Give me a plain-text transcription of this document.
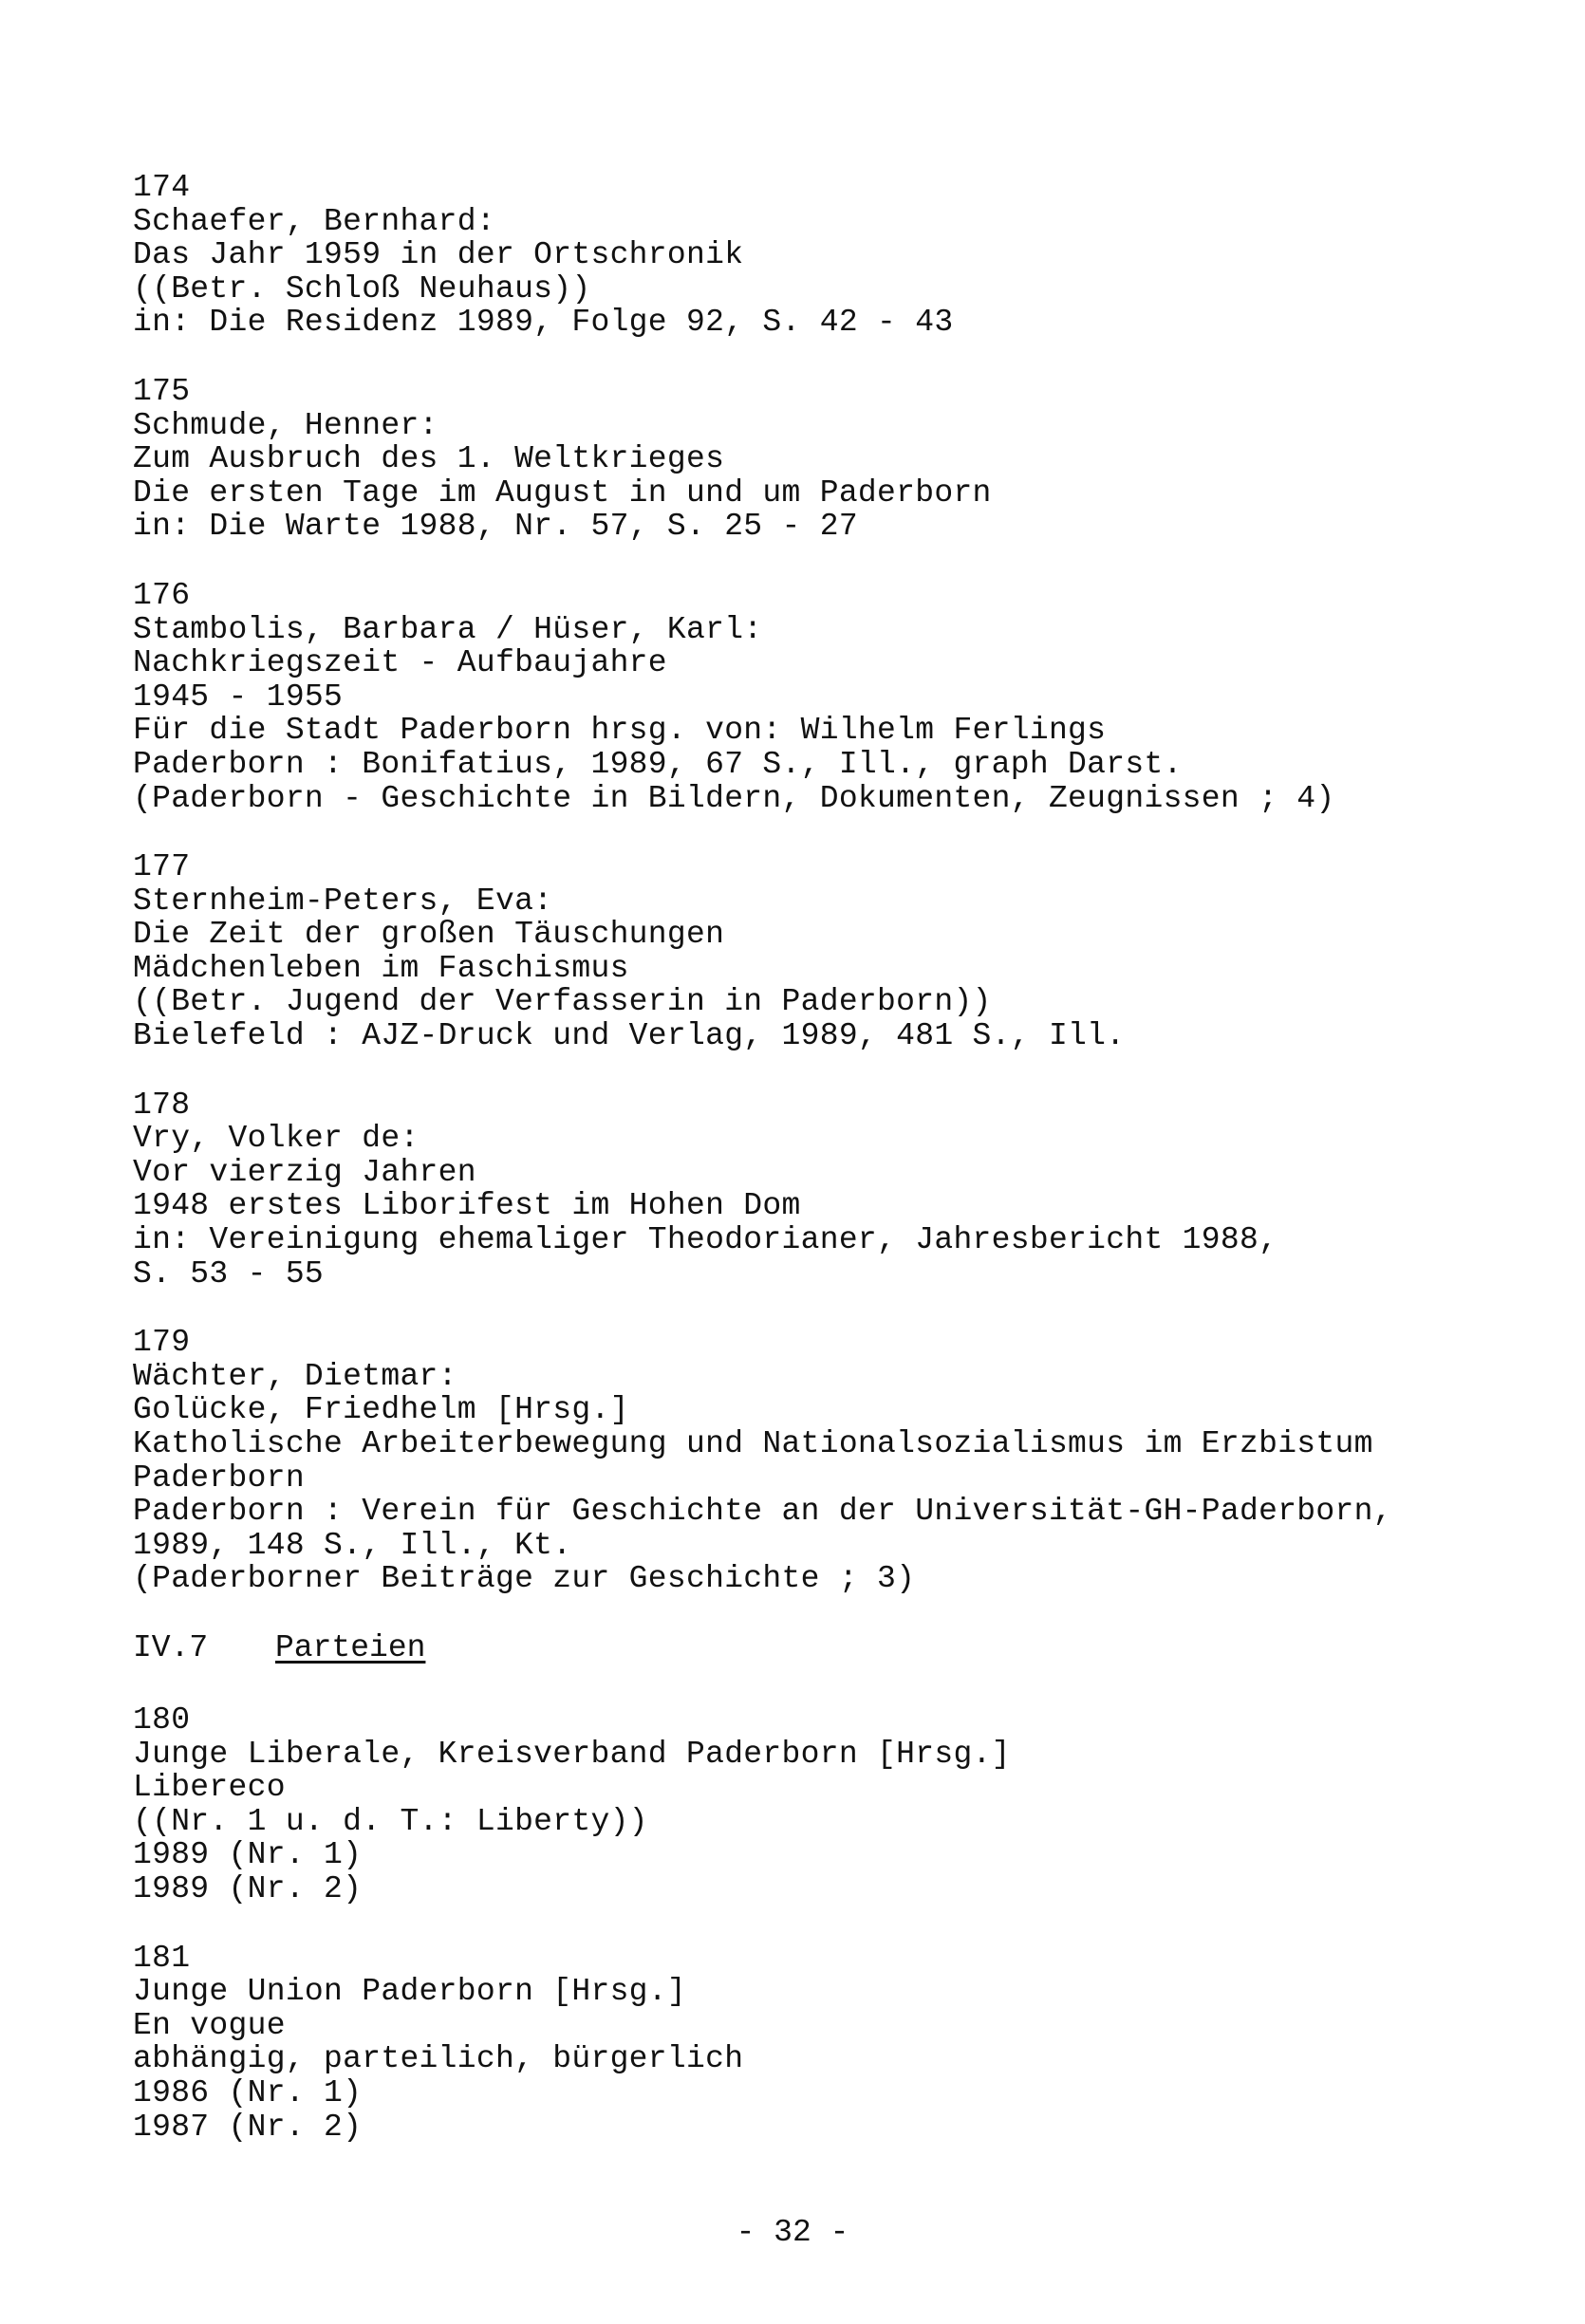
174
Schaefer, Bernhard:
Das Jahr 1959 in der Ortschronik
((Betr. Schloß Neuhaus))
in: Die Residenz 1989, Folge 92, S. 42 - 43
175
Schmude, Henner:
Zum Ausbruch des 1. Weltkrieges
Die ersten Tage im August in und um Paderborn
in: Die Warte 1988, Nr. 57, S. 25 - 27
176
Stambolis, Barbara / Hüser, Karl:
Nachkriegszeit - Aufbaujahre
1945 - 1955
Für die Stadt Paderborn hrsg. von: Wilhelm Ferlings
Paderborn : Bonifatius, 1989, 67 S., Ill., graph Darst.
(Paderborn - Geschichte in Bildern, Dokumenten, Zeugnissen ; 4)
177
Sternheim-Peters, Eva:
Die Zeit der großen Täuschungen
Mädchenleben im Faschismus
((Betr. Jugend der Verfasserin in Paderborn))
Bielefeld : AJZ-Druck und Verlag, 1989, 481 S., Ill.
178
Vry, Volker de:
Vor vierzig Jahren
1948 erstes Liborifest im Hohen Dom
in: Vereinigung ehemaliger Theodorianer, Jahresbericht 1988,
S. 53 - 55
179
Wächter, Dietmar:
Golücke, Friedhelm [Hrsg.]
Katholische Arbeiterbewegung und Nationalsozialismus im Erzbistum
Paderborn
Paderborn : Verein für Geschichte an der Universität-GH-Paderborn,
1989, 148 S., Ill., Kt.
(Paderborner Beiträge zur Geschichte ; 3)
IV.7 Parteien
180
Junge Liberale, Kreisverband Paderborn [Hrsg.]
Libereco
((Nr. 1 u. d. T.: Liberty))
1989 (Nr. 1)
1989 (Nr. 2)
181
Junge Union Paderborn [Hrsg.]
En vogue
abhängig, parteilich, bürgerlich
1986 (Nr. 1)
1987 (Nr. 2)
- 32 -
